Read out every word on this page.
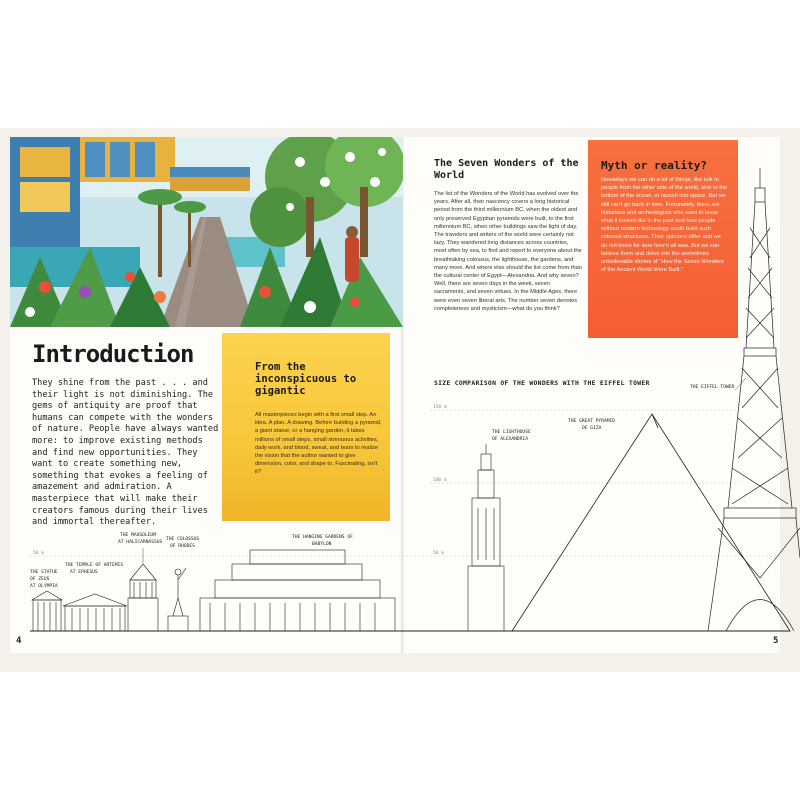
Introduction
They shine from the past . . . and their light is not diminishing. The gems of antiquity are proof that humans can compete with the wonders of nature. People have always wanted more: to improve existing methods and find new opportunities. They want to create something new, something that evokes a feeling of amazement and admiration. A masterpiece that will make their creators famous during their lives and immortal thereafter.
From the inconspicuous to gigantic
All masterpieces begin with a first small step. An idea. A plan. A drawing. Before building a pyramid, a giant statue, or a hanging garden, it takes millions of small steps, small strenuous activities, daily work, and blood, sweat, and tears to realize the vision that the author wanted to give dimension, color, and shape to. Fascinating, isn't it?
The Seven Wonders of the World
The list of the Wonders of the World has evolved over the years. After all, their nascency covers a long historical period from the third millennium BC, when the oldest and only preserved Egyptian pyramids were built, to the first millennium BC, when other buildings saw the light of day. The travelers and writers of the world were certainly not lazy. They wandered long distances across countries, most often by sea, to find and report to everyone about the breathtaking colossus, the lighthouse, the gardens, and many more. And where else should the list come from than the cultural center of Egypt—Alexandria. And why seven? Well, there are seven days in the week, seven sacraments, and seven virtues. In the Middle Ages, there were even seven liberal arts. The number seven denotes completeness and mysticism—what do you think?
Myth or reality?
Nowadays we can do a lot of things, like talk to people from the other side of the world, sink to the bottom of the ocean, or launch into space. But we still can't go back in time. Fortunately, there are historians and archeologists who want to know what it looked like in the past and how people without modern technology could build such colossal structures. Their opinions differ and we do not know for sure how it all was. But we can believe them and delve into the sometimes unbelievable stories of "How the Seven Wonders of the Ancient World Were Built."
SIZE COMPARISON OF THE WONDERS WITH THE EIFFEL TOWER
150 m
100 m
50 m	50 m
THE STATUE OF ZEUS AT OLYMPIA
THE TEMPLE OF ARTEMIS AT EPHESUS
THE MAUSOLEUM AT HALICARNASSUS
THE COLOSSUS OF RHODES
THE HANGING GARDENS OF BABYLON
THE LIGHTHOUSE OF ALEXANDRIA
THE GREAT PYRAMID OF GIZA
THE EIFFEL TOWER
4	5
